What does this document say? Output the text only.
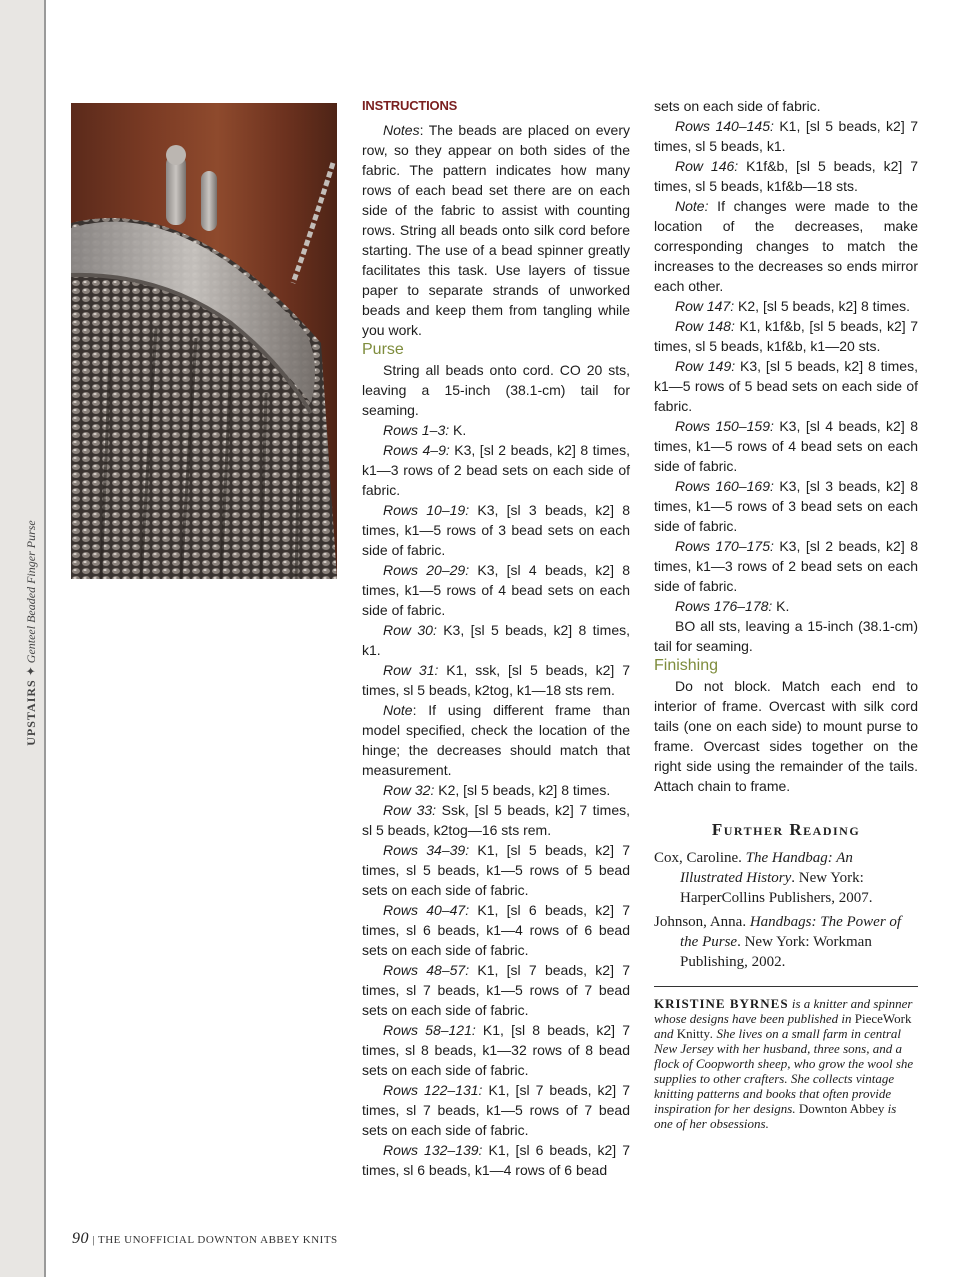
UPSTAIRS ✦ Genteel Beaded Finger Purse
INSTRUCTIONS

Notes: The beads are placed on every row, so they appear on both sides of the fabric. The pattern indicates how many rows of each bead set there are on each side of the fabric to assist with counting rows. String all beads onto silk cord before starting. The use of a bead spinner greatly facilitates this task. Use layers of tissue paper to separate strands of unworked beads and keep them from tangling while you work.

Purse

String all beads onto cord. CO 20 sts, leaving a 15-inch (38.1-cm) tail for seaming.

Rows 1–3: K.

Rows 4–9: K3, [sl 2 beads, k2] 8 times, k1—3 rows of 2 bead sets on each side of fabric.

Rows 10–19: K3, [sl 3 beads, k2] 8 times, k1—5 rows of 3 bead sets on each side of fabric.

Rows 20–29: K3, [sl 4 beads, k2] 8 times, k1—5 rows of 4 bead sets on each side of fabric.

Row 30: K3, [sl 5 beads, k2] 8 times, k1.

Row 31: K1, ssk, [sl 5 beads, k2] 7 times, sl 5 beads, k2tog, k1—18 sts rem.

Note: If using different frame than model specified, check the location of the hinge; the decreases should match that measurement.

Row 32: K2, [sl 5 beads, k2] 8 times.

Row 33: Ssk, [sl 5 beads, k2] 7 times, sl 5 beads, k2tog—16 sts rem.

Rows 34–39: K1, [sl 5 beads, k2] 7 times, sl 5 beads, k1—5 rows of 5 bead sets on each side of fabric.

Rows 40–47: K1, [sl 6 beads, k2] 7 times, sl 6 beads, k1—4 rows of 6 bead sets on each side of fabric.

Rows 48–57: K1, [sl 7 beads, k2] 7 times, sl 7 beads, k1—5 rows of 7 bead sets on each side of fabric.

Rows 58–121: K1, [sl 8 beads, k2] 7 times, sl 8 beads, k1—32 rows of 8 bead sets on each side of fabric.

Rows 122–131: K1, [sl 7 beads, k2] 7 times, sl 7 beads, k1—5 rows of 7 bead sets on each side of fabric.

Rows 132–139: K1, [sl 6 beads, k2] 7 times, sl 6 beads, k1—4 rows of 6 bead

sets on each side of fabric.

Rows 140–145: K1, [sl 5 beads, k2] 7 times, sl 5 beads, k1.

Row 146: K1f&b, [sl 5 beads, k2] 7 times, sl 5 beads, k1f&b—18 sts.

Note: If changes were made to the location of the decreases, make corresponding changes to match the increases to the decreases so ends mirror each other.

Row 147: K2, [sl 5 beads, k2] 8 times.

Row 148: K1, k1f&b, [sl 5 beads, k2] 7 times, sl 5 beads, k1f&b, k1—20 sts.

Row 149: K3, [sl 5 beads, k2] 8 times, k1—5 rows of 5 bead sets on each side of fabric.

Rows 150–159: K3, [sl 4 beads, k2] 8 times, k1—5 rows of 4 bead sets on each side of fabric.

Rows 160–169: K3, [sl 3 beads, k2] 8 times, k1—5 rows of 3 bead sets on each side of fabric.

Rows 170–175: K3, [sl 2 beads, k2] 8 times, k1—3 rows of 2 bead sets on each side of fabric.

Rows 176–178: K.

BO all sts, leaving a 15-inch (38.1-cm) tail for seaming.

Finishing

Do not block. Match each end to interior of frame. Overcast with silk cord tails (one on each side) to mount purse to frame. Overcast sides together on the right side using the remainder of the tails. Attach chain to frame.

Further Reading

Cox, Caroline. The Handbag: An Illustrated History. New York: HarperCollins Publishers, 2007.

Johnson, Anna. Handbags: The Power of the Purse. New York: Workman Publishing, 2002.

KRISTINE BYRNES is a knitter and spinner whose designs have been published in PieceWork and Knitty. She lives on a small farm in central New Jersey with her husband, three sons, and a flock of Coopworth sheep, who grow the wool she supplies to other crafters. She collects vintage knitting patterns and books that often provide inspiration for her designs. Downton Abbey is one of her obsessions.
90 | THE UNOFFICIAL DOWNTON ABBEY KNITS
